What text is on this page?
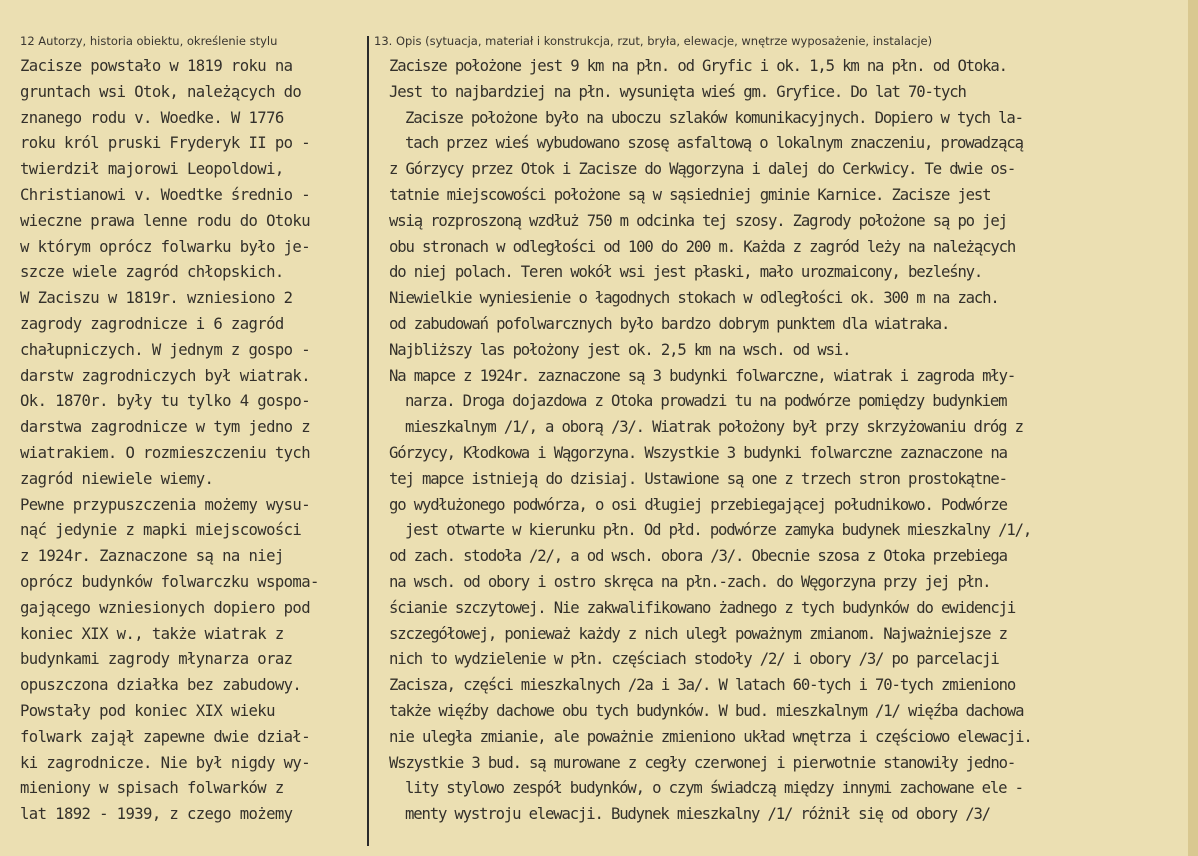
12 Autorzy, historia obiektu, określenie stylu	13. Opis (sytuacja, materiał i konstrukcja, rzut, bryła, elewacje, wnętrze wyposażenie, instalacje)
Zacisze powstało w 1819 roku na
gruntach wsi Otok, należących do
znanego rodu v. Woedke. W 1776
roku król pruski Fryderyk II po -
twierdził majorowi Leopoldowi,
Christianowi v. Woedtke średnio -
wieczne prawa lenne rodu do Otoku
w którym oprócz folwarku było je-
szcze wiele zagród chłopskich.
W Zaciszu w 1819r. wzniesiono 2
zagrody zagrodnicze i 6 zagród
chałupniczych. W jednym z gospo -
darstw zagrodniczych był wiatrak.
Ok. 1870r. były tu tylko 4 gospo-
darstwa zagrodnicze w tym jedno z
wiatrakiem. O rozmieszczeniu tych
zagród niewiele wiemy.
Pewne przypuszczenia możemy wysu-
nąć jedynie z mapki miejscowości
z 1924r. Zaznaczone są na niej
oprócz budynków folwarczku wspoma-
gającego wzniesionych dopiero pod
koniec XIX w., także wiatrak z
budynkami zagrody młynarza oraz
opuszczona działka bez zabudowy.
Powstały pod koniec XIX wieku
folwark zajął zapewne dwie dział-
ki zagrodnicze. Nie był nigdy wy-
mieniony w spisach folwarków z
lat 1892 - 1939, z czego możemy
Zacisze położone jest 9 km na płn. od Gryfic i ok. 1,5 km na płn. od Otoka.
Jest to najbardziej na płn. wysunięta wieś gm. Gryfice. Do lat 70-tych
Zacisze położone było na uboczu szlaków komunikacyjnych. Dopiero w tych la-
tach przez wieś wybudowano szosę asfaltową o lokalnym znaczeniu, prowadzącą
z Górzycy przez Otok i Zacisze do Wągorzyna i dalej do Cerkwicy. Te dwie os-
tatnie miejscowości położone są w sąsiedniej gminie Karnice. Zacisze jest
wsią rozproszoną wzdłuż 750 m odcinka tej szosy. Zagrody położone są po jej
obu stronach w odległości od 100 do 200 m. Każda z zagród leży na należących
do niej polach. Teren wokół wsi jest płaski, mało urozmaicony, bezleśny.
Niewielkie wyniesienie o łagodnych stokach w odległości ok. 300 m na zach.
od zabudowań pofolwarcznych było bardzo dobrym punktem dla wiatraka.
Najbliższy las położony jest ok. 2,5 km na wsch. od wsi.
Na mapce z 1924r. zaznaczone są 3 budynki folwarczne, wiatrak i zagroda mły-
narza. Droga dojazdowa z Otoka prowadzi tu na podwórze pomiędzy budynkiem
mieszkalnym /1/, a oborą /3/. Wiatrak położony był przy skrzyżowaniu dróg z
Górzycy, Kłodkowa i Wągorzyna. Wszystkie 3 budynki folwarczne zaznaczone na
tej mapce istnieją do dzisiaj. Ustawione są one z trzech stron prostokątne-
go wydłużonego podwórza, o osi długiej przebiegającej południkowo. Podwórze
jest otwarte w kierunku płn. Od płd. podwórze zamyka budynek mieszkalny /1/,
od zach. stodoła /2/, a od wsch. obora /3/. Obecnie szosa z Otoka przebiega
na wsch. od obory i ostro skręca na płn.-zach. do Węgorzyna przy jej płn.
ścianie szczytowej. Nie zakwalifikowano żadnego z tych budynków do ewidencji
szczegółowej, ponieważ każdy z nich uległ poważnym zmianom. Najważniejsze z
nich to wydzielenie w płn. częściach stodoły /2/ i obory /3/ po parcelacji
Zacisza, części mieszkalnych /2a i 3a/. W latach 60-tych i 70-tych zmieniono
także więźby dachowe obu tych budynków. W bud. mieszkalnym /1/ więźba dachowa
nie uległa zmianie, ale poważnie zmieniono układ wnętrza i częściowo elewacji.
Wszystkie 3 bud. są murowane z cegły czerwonej i pierwotnie stanowiły jedno-
lity stylowo zespół budynków, o czym świadczą między innymi zachowane ele -
menty wystroju elewacji. Budynek mieszkalny /1/ różnił się od obory /3/
